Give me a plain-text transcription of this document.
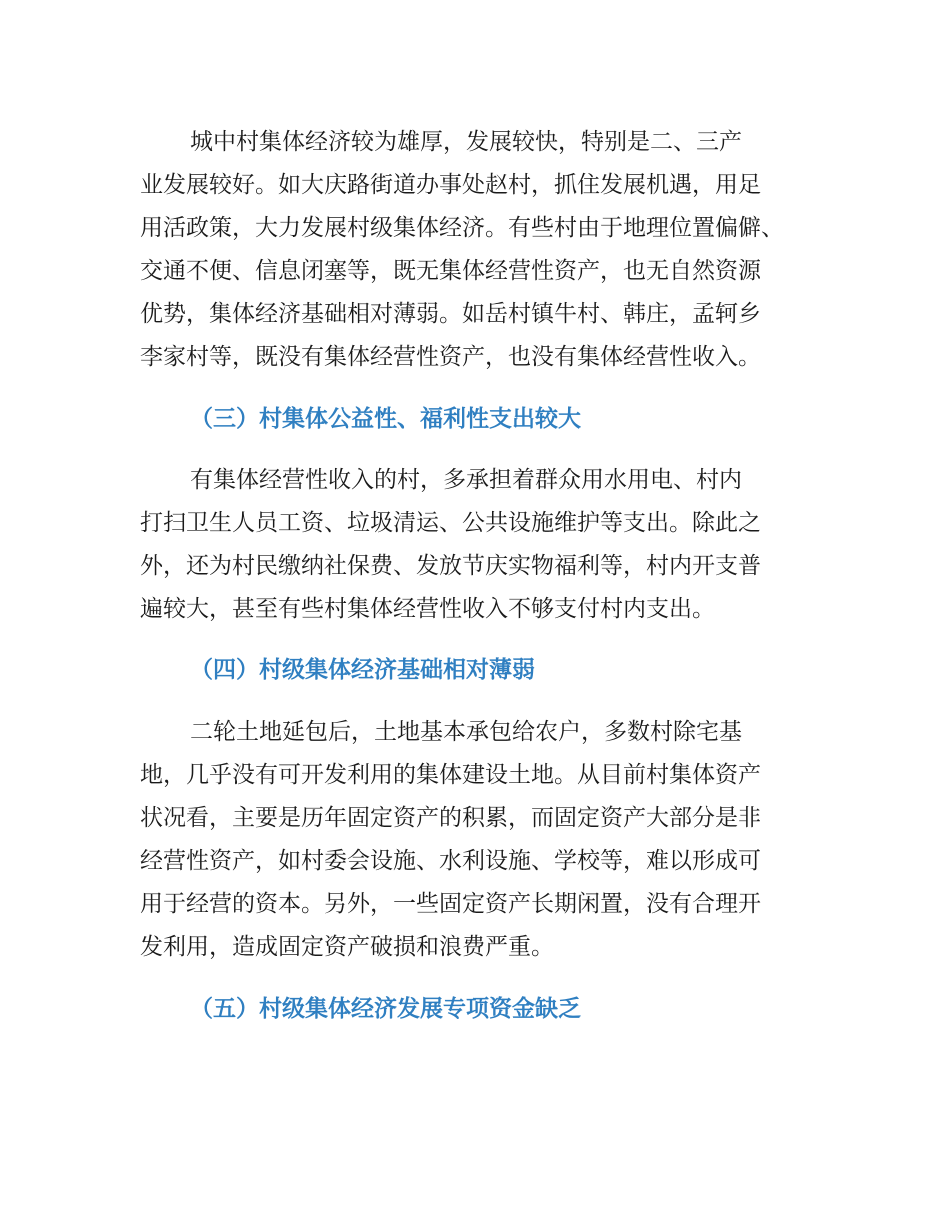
城中村集体经济较为雄厚，发展较快，特别是二、三产

业发展较好。如大庆路街道办事处赵村，抓住发展机遇，用足

用活政策，大力发展村级集体经济。有些村由于地理位置偏僻、

交通不便、信息闭塞等，既无集体经营性资产，也无自然资源

优势，集体经济基础相对薄弱。如岳村镇牛村、韩庄，孟轲乡

李家村等，既没有集体经营性资产，也没有集体经营性收入。

（三）村集体公益性、福利性支出较大

有集体经营性收入的村，多承担着群众用水用电、村内

打扫卫生人员工资、垃圾清运、公共设施维护等支出。除此之

外，还为村民缴纳社保费、发放节庆实物福利等，村内开支普

遍较大，甚至有些村集体经营性收入不够支付村内支出。

（四）村级集体经济基础相对薄弱

二轮土地延包后，土地基本承包给农户，多数村除宅基

地，几乎没有可开发利用的集体建设土地。从目前村集体资产

状况看，主要是历年固定资产的积累，而固定资产大部分是非

经营性资产，如村委会设施、水利设施、学校等，难以形成可

用于经营的资本。另外，一些固定资产长期闲置，没有合理开

发利用，造成固定资产破损和浪费严重。

（五）村级集体经济发展专项资金缺乏
